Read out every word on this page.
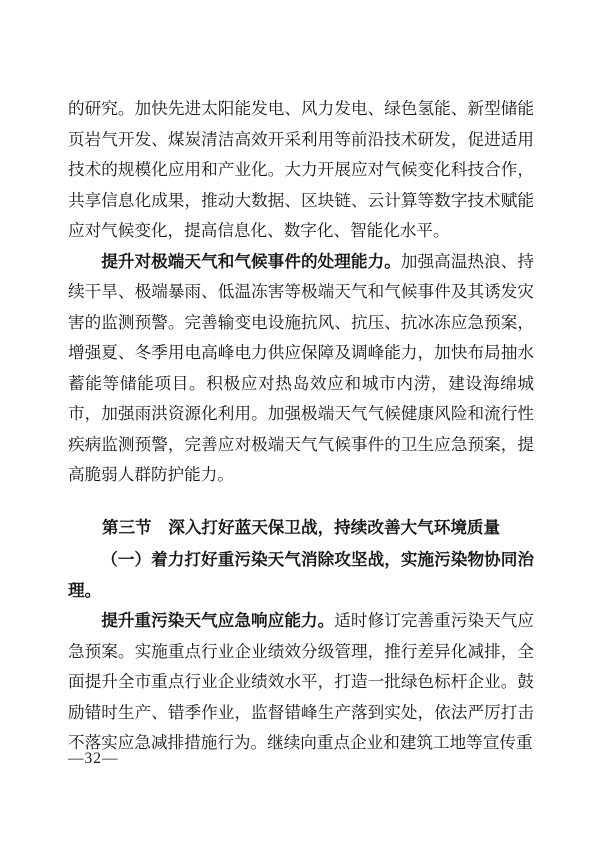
的研究。加快先进太阳能发电、风力发电、绿色氢能、新型储能页岩气开发、煤炭清洁高效开采利用等前沿技术研发，促进适用技术的规模化应用和产业化。大力开展应对气候变化科技合作，共享信息化成果，推动大数据、区块链、云计算等数字技术赋能应对气候变化，提高信息化、数字化、智能化水平。

提升对极端天气和气候事件的处理能力。加强高温热浪、持续干旱、极端暴雨、低温冻害等极端天气和气候事件及其诱发灾害的监测预警。完善输变电设施抗风、抗压、抗冰冻应急预案，增强夏、冬季用电高峰电力供应保障及调峰能力，加快布局抽水蓄能等储能项目。积极应对热岛效应和城市内涝，建设海绵城市，加强雨洪资源化利用。加强极端天气气候健康风险和流行性疾病监测预警，完善应对极端天气气候事件的卫生应急预案，提高脆弱人群防护能力。

第三节　深入打好蓝天保卫战，持续改善大气环境质量

（一）着力打好重污染天气消除攻坚战，实施污染物协同治理。

提升重污染天气应急响应能力。适时修订完善重污染天气应急预案。实施重点行业企业绩效分级管理，推行差异化减排，全面提升全市重点行业企业绩效水平，打造一批绿色标杆企业。鼓励错时生产、错季作业，监督错峰生产落到实处，依法严厉打击不落实应急减排措施行为。继续向重点企业和建筑工地等宣传重

—32—
